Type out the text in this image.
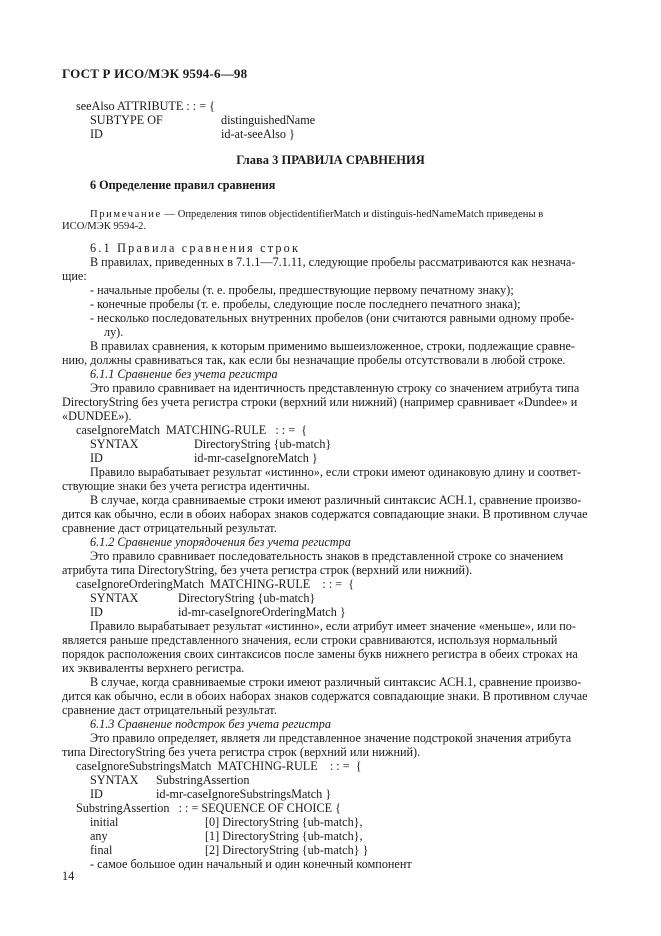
ГОСТ Р ИСО/МЭК 9594-6—98
seeAlso ATTRIBUTE : : = {
SUBTYPE OF	distinguishedName
ID	id-at-seeAlso }
Глава 3 ПРАВИЛА СРАВНЕНИЯ
6 Определение правил сравнения
Примечание — Определения типов objectidentifierMatch и distinguis-hedNameMatch приведены в
ИСО/МЭК 9594-2.
6.1 Правила сравнения строк
В правилах, приведенных в 7.1.1—7.1.11, следующие пробелы рассматриваются как незнача-
щие:
- начальные пробелы (т. е. пробелы, предшествующие первому печатному знаку);
- конечные пробелы (т. е. пробелы, следующие после последнего печатного знака);
- несколько последовательных внутренних пробелов (они считаются равными одному пробе-
лу).
В правилах сравнения, к которым применимо вышеизложенное, строки, подлежащие сравне-
нию, должны сравниваться так, как если бы незначащие пробелы отсутствовали в любой строке.
6.1.1 Сравнение без учета регистра
Это правило сравнивает на идентичность представленную строку со значением атрибута типа
DirectoryString без учета регистра строки (верхний или нижний) (например сравнивает «Dundee» и
«DUNDEE»).
caseIgnoreMatch  MATCHING-RULE   : : =  {
SYNTAX	DirectoryString {ub-match}
ID	id-mr-caseIgnoreMatch }
Правило вырабатывает результат «истинно», если строки имеют одинаковую длину и соответ-
ствующие знаки без учета регистра идентичны.
В случае, когда сравниваемые строки имеют различный синтаксис АСН.1, сравнение произво-
дится как обычно, если в обоих наборах знаков содержатся совпадающие знаки. В противном случае
сравнение даст отрицательный результат.
6.1.2 Сравнение упорядочения без учета регистра
Это правило сравнивает последовательность знаков в представленной строке со значением
атрибута типа DirectoryString, без учета регистра строк (верхний или нижний).
caseIgnoreOrderingMatch  MATCHING-RULE    : : =  {
SYNTAX	DirectoryString {ub-match}
ID	id-mr-caseIgnoreOrderingMatch }
Правило вырабатывает результат «истинно», если атрибут имеет значение «меньше», или по-
является раньше представленного значения, если строки сравниваются, используя нормальный
порядок расположения своих синтаксисов после замены букв нижнего регистра в обеих строках на
их эквиваленты верхнего регистра.
В случае, когда сравниваемые строки имеют различный синтаксис АСН.1, сравнение произво-
дится как обычно, если в обоих наборах знаков содержатся совпадающие знаки. В противном случае
сравнение даст отрицательный результат.
6.1.3 Сравнение подстрок без учета регистра
Это правило определяет, являетя ли представленное значение подстрокой значения атрибута
типа DirectoryString без учета регистра строк (верхний или нижний).
caseIgnoreSubstringsMatch  MATCHING-RULE    : : =  {
SYNTAX SubstringAssertion
ID	id-mr-caseIgnoreSubstringsMatch }
SubstringAssertion   : : = SEQUENCE OF CHOICE {
initial	[0] DirectoryString {ub-match},
any	[1] DirectoryString {ub-match},
final	[2] DirectoryString {ub-match} }
- самое большое один начальный и один конечный компонент
14
